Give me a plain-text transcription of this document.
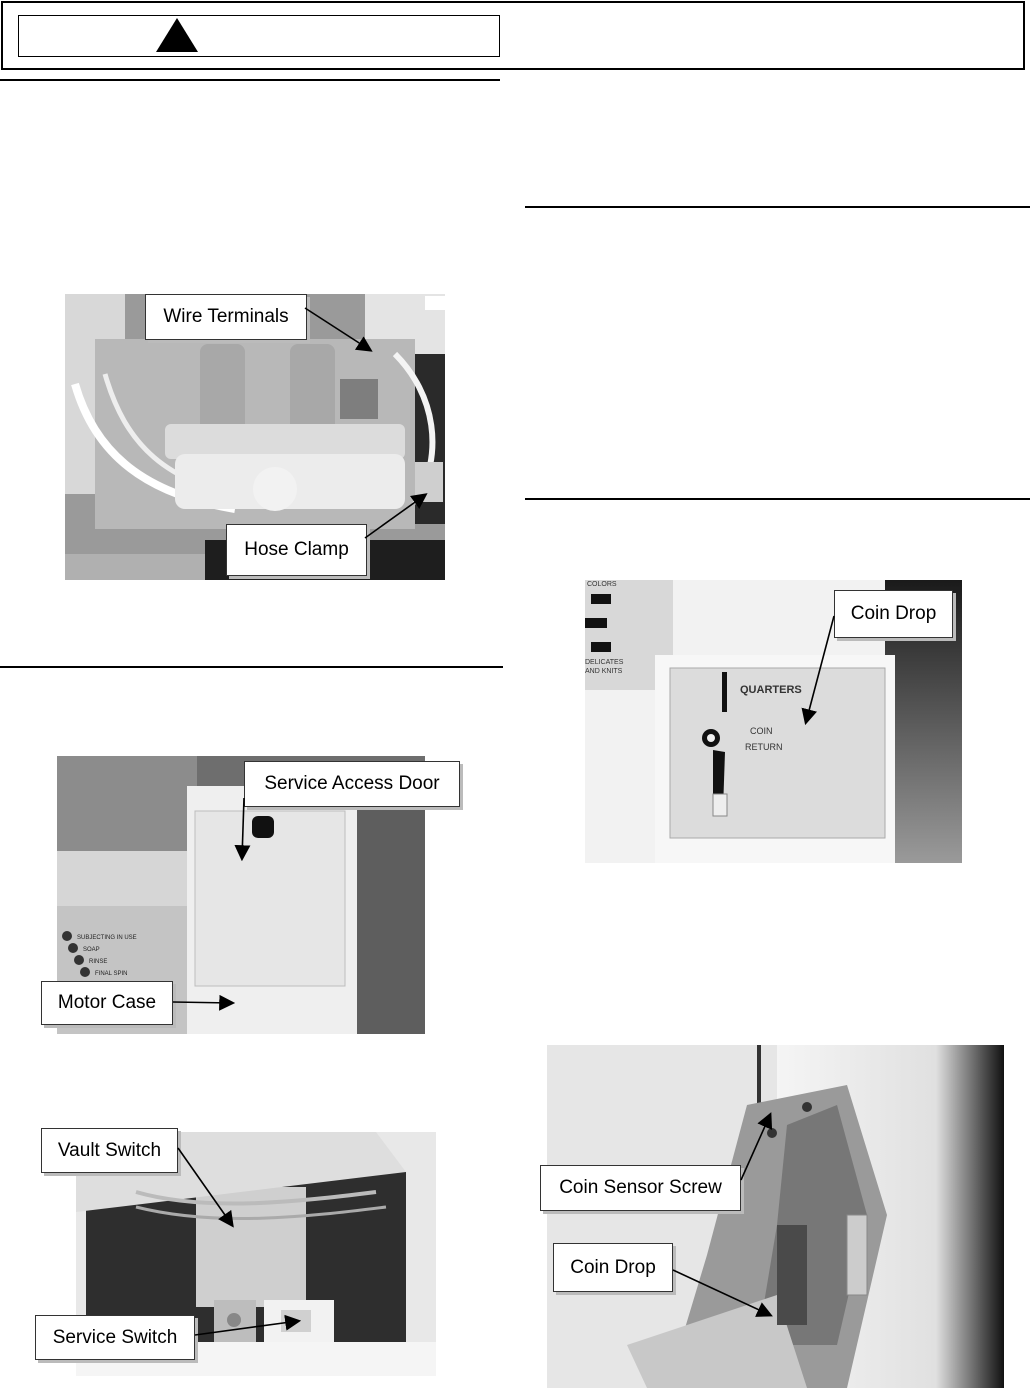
Wire Terminals
Hose Clamp
SUBJECTING IN USE
SOAP
RINSE
FINAL SPIN
Service Access Door
Motor Case
Vault Switch
Service Switch
COLORS
DELICATES
AND KNITS
QUARTERS
COIN
RETURN
Coin Drop
Coin Sensor Screw
Coin Drop
